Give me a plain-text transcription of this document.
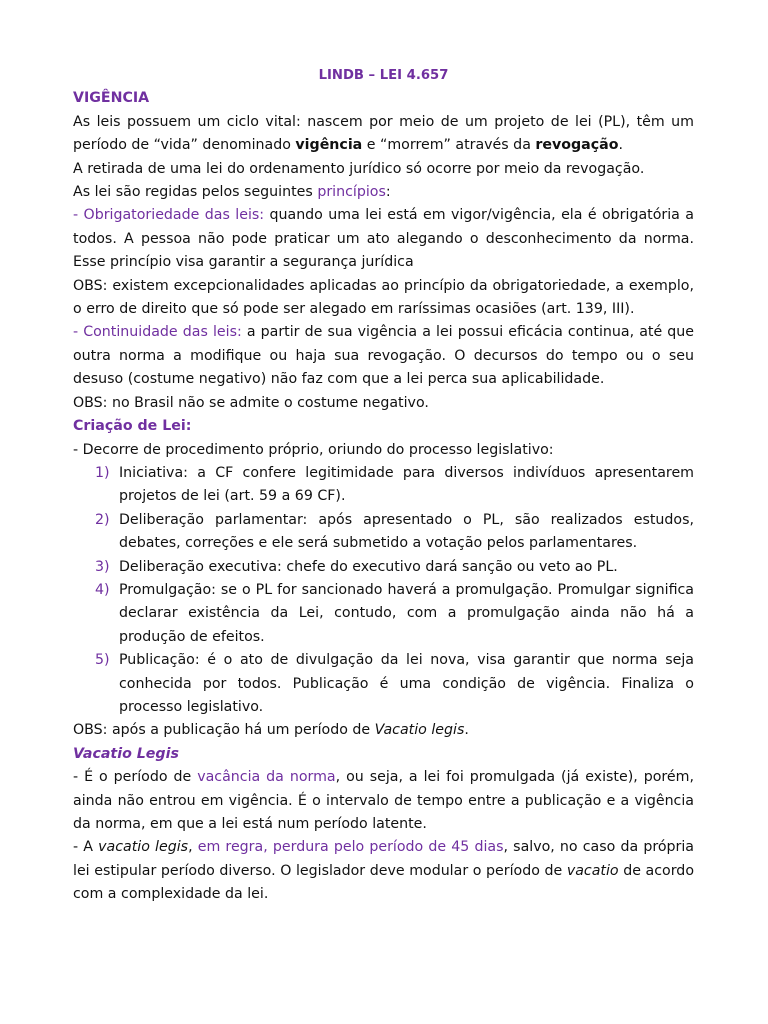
LINDB – LEI 4.657
VIGÊNCIA

As leis possuem um ciclo vital: nascem por meio de um projeto de lei (PL), têm um período de “vida” denominado vigência e “morrem” através da revogação.

A retirada de uma lei do ordenamento jurídico só ocorre por meio da revogação.

As lei são regidas pelos seguintes princípios:

- Obrigatoriedade das leis: quando uma lei está em vigor/vigência, ela é obrigatória a todos. A pessoa não pode praticar um ato alegando o desconhecimento da norma. Esse princípio visa garantir a segurança jurídica

OBS: existem excepcionalidades aplicadas ao princípio da obrigatoriedade, a exemplo, o erro de direito que só pode ser alegado em raríssimas ocasiões (art. 139, III).

- Continuidade das leis: a partir de sua vigência a lei possui eficácia continua, até que outra norma a modifique ou haja sua revogação. O decursos do tempo ou o seu desuso (costume negativo) não faz com que a lei perca sua aplicabilidade.

OBS: no Brasil não se admite o costume negativo.

Criação de Lei:

- Decorre de procedimento próprio, oriundo do processo legislativo:

1) Iniciativa: a CF confere legitimidade para diversos indivíduos apresentarem projetos de lei (art. 59 a 69 CF).
2) Deliberação parlamentar: após apresentado o PL, são realizados estudos, debates, correções e ele será submetido a votação pelos parlamentares.
3) Deliberação executiva: chefe do executivo dará sanção ou veto ao PL.
4) Promulgação: se o PL for sancionado haverá a promulgação. Promulgar significa declarar existência da Lei, contudo, com a promulgação ainda não há a produção de efeitos.
5) Publicação: é o ato de divulgação da lei nova, visa garantir que norma seja conhecida por todos. Publicação é uma condição de vigência. Finaliza o processo legislativo.

OBS: após a publicação há um período de Vacatio legis.

Vacatio Legis

- É o período de vacância da norma, ou seja, a lei foi promulgada (já existe), porém, ainda não entrou em vigência. É o intervalo de tempo entre a publicação e a vigência da norma, em que a lei está num período latente.

- A vacatio legis, em regra, perdura pelo período de 45 dias, salvo, no caso da própria lei estipular período diverso. O legislador deve modular o período de vacatio de acordo com a complexidade da lei.
